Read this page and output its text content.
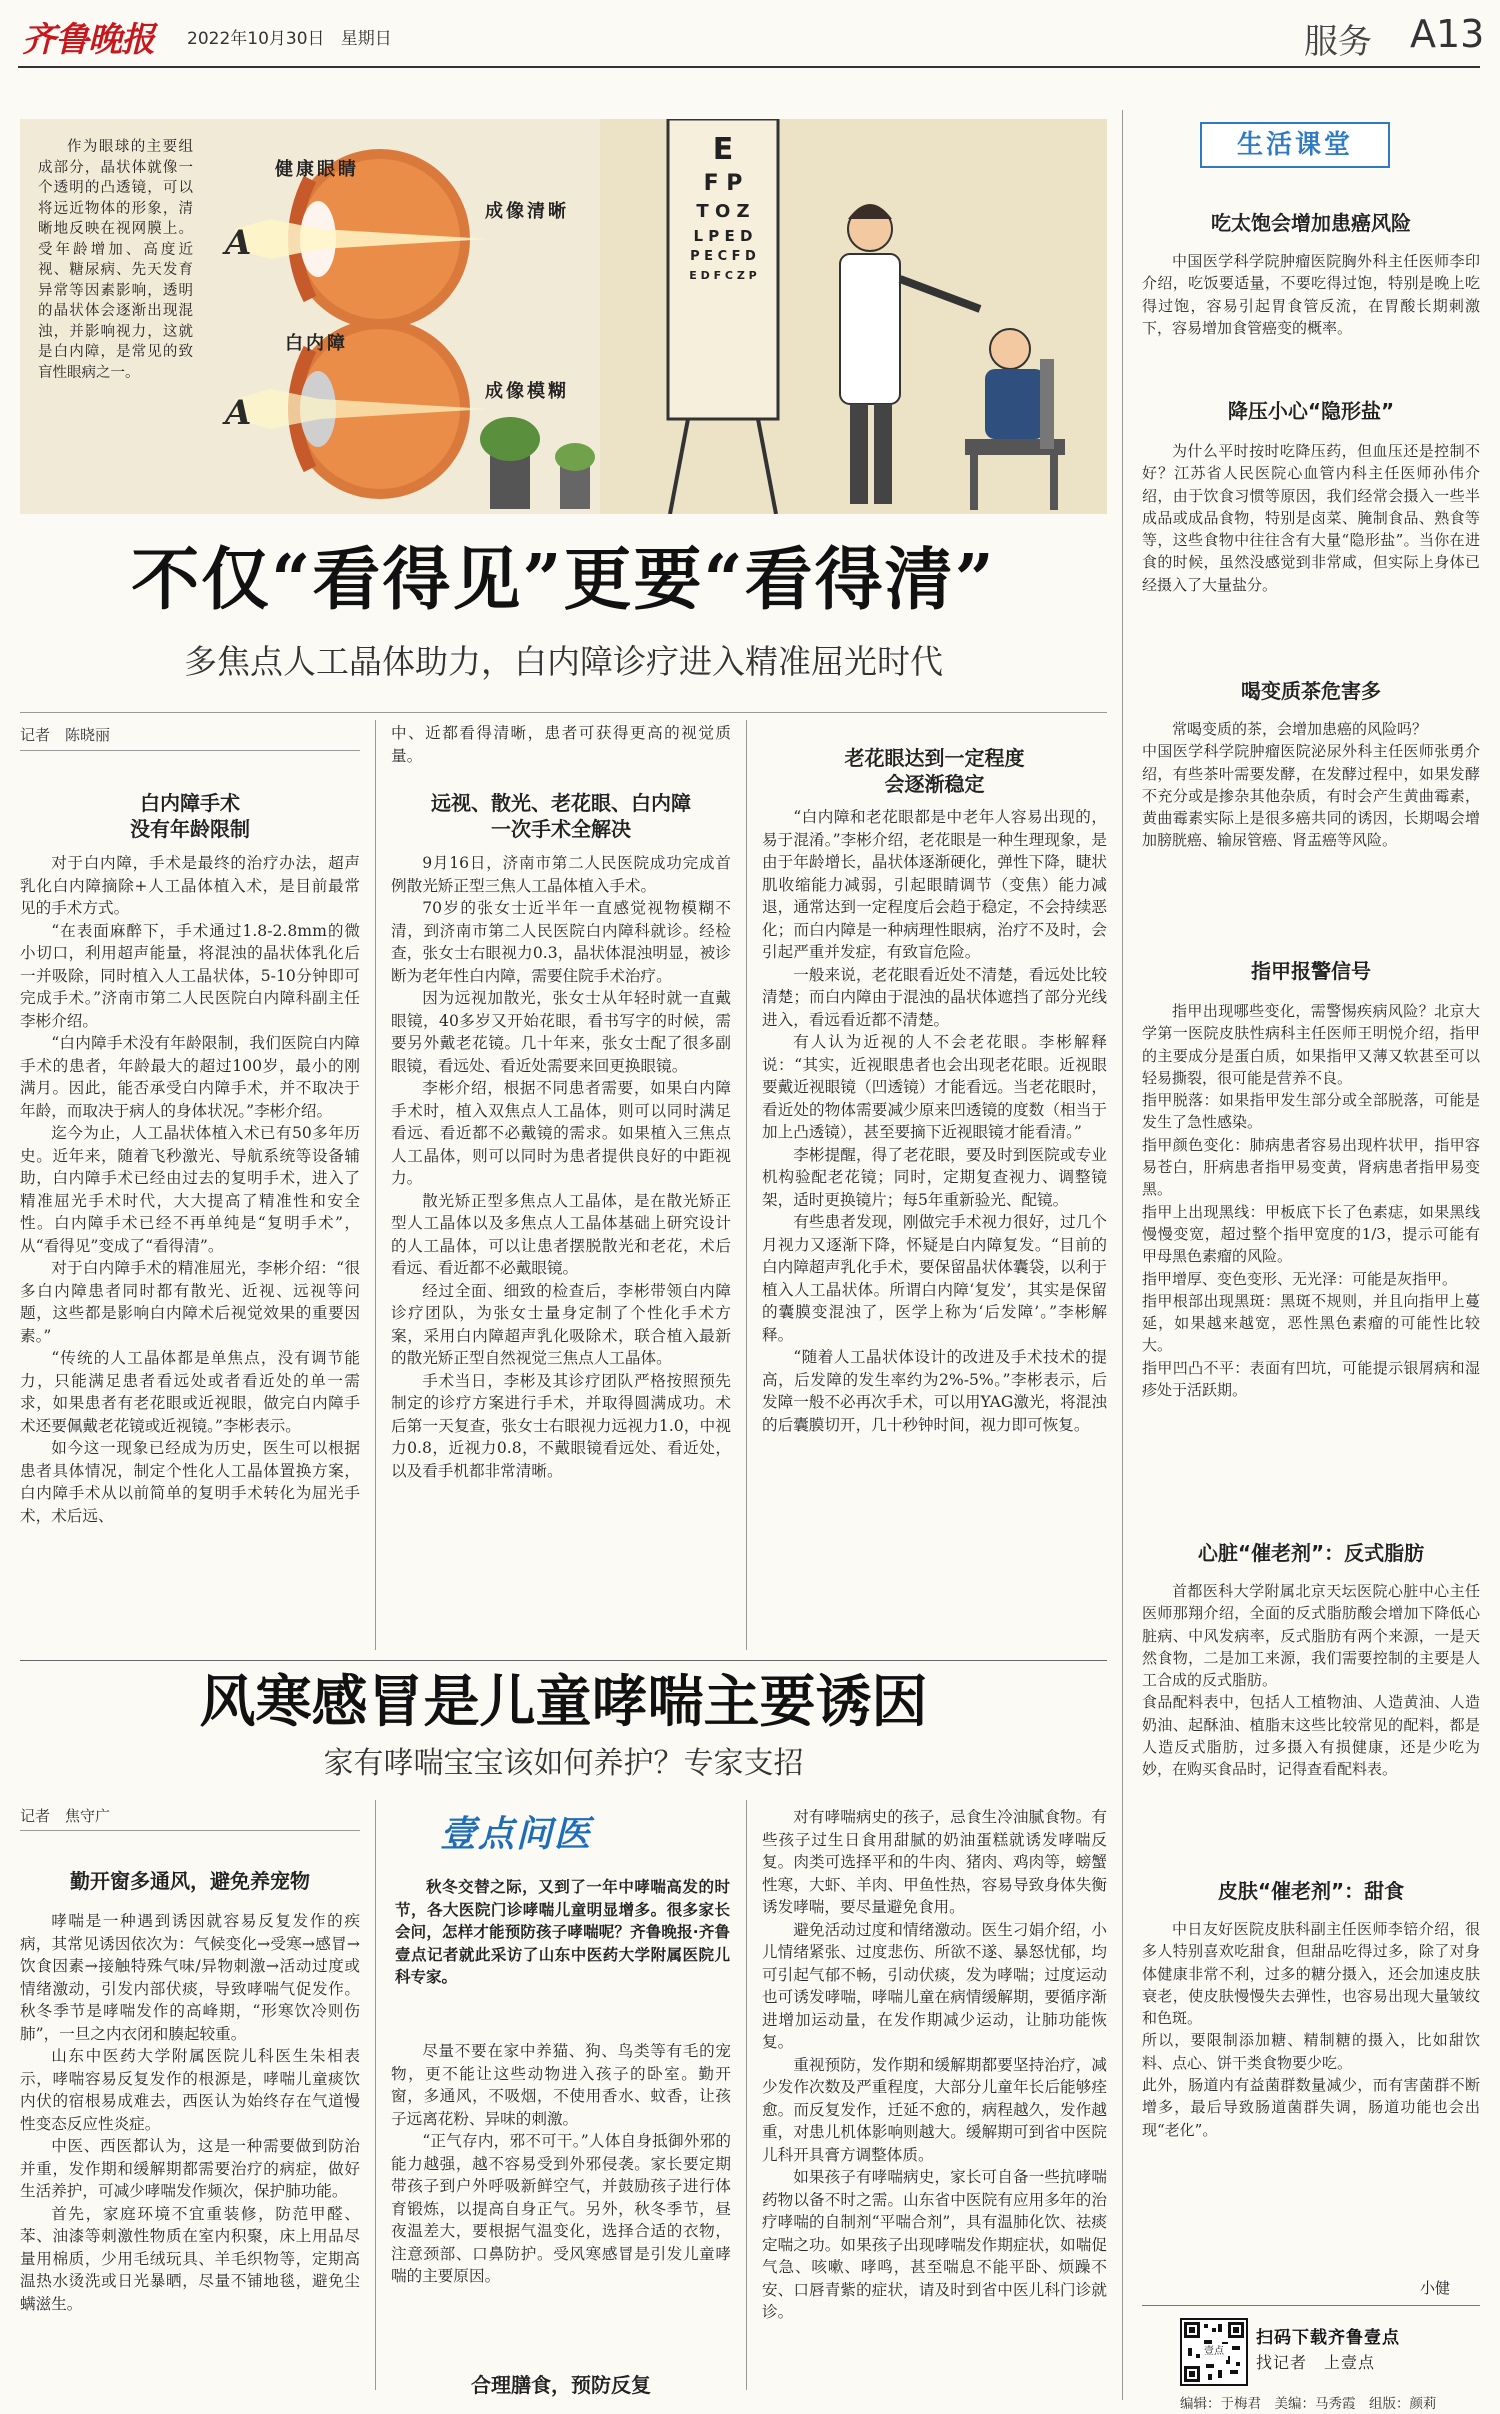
齐鲁晚报 2022年10月30日 星期日	服务 A13
A
A
作为眼球的主要组成部分，晶状体就像一个透明的凸透镜，可以将远近物体的形象，清晰地反映在视网膜上。受年龄增加、高度近视、糖尿病、先天发育异常等因素影响，透明的晶状体会逐渐出现混浊，并影响视力，这就是白内障，是常见的致盲性眼病之一。
健康眼睛
成像清晰
白内障
成像模糊
E
F P
T O Z
L P E D
P E C F D
E D F C Z P
不仅“看得见”更要“看得清”
多焦点人工晶体助力，白内障诊疗进入精准屈光时代
记者　陈晓丽
白内障手术
没有年龄限制

对于白内障，手术是最终的治疗办法，超声乳化白内障摘除+人工晶体植入术，是目前最常见的手术方式。

“在表面麻醉下，手术通过1.8-2.8mm的微小切口，利用超声能量，将混浊的晶状体乳化后一并吸除，同时植入人工晶状体，5-10分钟即可完成手术。”济南市第二人民医院白内障科副主任李彬介绍。

“白内障手术没有年龄限制，我们医院白内障手术的患者，年龄最大的超过100岁，最小的刚满月。因此，能否承受白内障手术，并不取决于年龄，而取决于病人的身体状况。”李彬介绍。

迄今为止，人工晶状体植入术已有50多年历史。近年来，随着飞秒激光、导航系统等设备辅助，白内障手术已经由过去的复明手术，进入了精准屈光手术时代，大大提高了精准性和安全性。白内障手术已经不再单纯是“复明手术”，从“看得见”变成了“看得清”。

对于白内障手术的精准屈光，李彬介绍：“很多白内障患者同时都有散光、近视、远视等问题，这些都是影响白内障术后视觉效果的重要因素。”

“传统的人工晶体都是单焦点，没有调节能力，只能满足患者看远处或者看近处的单一需求，如果患者有老花眼或近视眼，做完白内障手术还要佩戴老花镜或近视镜。”李彬表示。

如今这一现象已经成为历史，医生可以根据患者具体情况，制定个性化人工晶体置换方案，白内障手术从以前简单的复明手术转化为屈光手术，术后远、

中、近都看得清晰，患者可获得更高的视觉质量。
远视、散光、老花眼、白内障
一次手术全解决

9月16日，济南市第二人民医院成功完成首例散光矫正型三焦人工晶体植入手术。

70岁的张女士近半年一直感觉视物模糊不清，到济南市第二人民医院白内障科就诊。经检查，张女士右眼视力0.3，晶状体混浊明显，被诊断为老年性白内障，需要住院手术治疗。

因为远视加散光，张女士从年轻时就一直戴眼镜，40多岁又开始花眼，看书写字的时候，需要另外戴老花镜。几十年来，张女士配了很多副眼镜，看远处、看近处需要来回更换眼镜。

李彬介绍，根据不同患者需要，如果白内障手术时，植入双焦点人工晶体，则可以同时满足看远、看近都不必戴镜的需求。如果植入三焦点人工晶体，则可以同时为患者提供良好的中距视力。

散光矫正型多焦点人工晶体，是在散光矫正型人工晶体以及多焦点人工晶体基础上研究设计的人工晶体，可以让患者摆脱散光和老花，术后看远、看近都不必戴眼镜。

经过全面、细致的检查后，李彬带领白内障诊疗团队，为张女士量身定制了个性化手术方案，采用白内障超声乳化吸除术，联合植入最新的散光矫正型自然视觉三焦点人工晶体。

手术当日，李彬及其诊疗团队严格按照预先制定的诊疗方案进行手术，并取得圆满成功。术后第一天复查，张女士右眼视力远视力1.0，中视力0.8，近视力0.8，不戴眼镜看远处、看近处，以及看手机都非常清晰。

老花眼达到一定程度
会逐渐稳定

“白内障和老花眼都是中老年人容易出现的，易于混淆。”李彬介绍，老花眼是一种生理现象，是由于年龄增长，晶状体逐渐硬化，弹性下降，睫状肌收缩能力减弱，引起眼睛调节（变焦）能力减退，通常达到一定程度后会趋于稳定，不会持续恶化；而白内障是一种病理性眼病，治疗不及时，会引起严重并发症，有致盲危险。

一般来说，老花眼看近处不清楚，看远处比较清楚；而白内障由于混浊的晶状体遮挡了部分光线进入，看远看近都不清楚。

有人认为近视的人不会老花眼。李彬解释说：“其实，近视眼患者也会出现老花眼。近视眼要戴近视眼镜（凹透镜）才能看远。当老花眼时，看近处的物体需要减少原来凹透镜的度数（相当于加上凸透镜），甚至要摘下近视眼镜才能看清。”

李彬提醒，得了老花眼，要及时到医院或专业机构验配老花镜；同时，定期复查视力、调整镜架，适时更换镜片；每5年重新验光、配镜。

有些患者发现，刚做完手术视力很好，过几个月视力又逐渐下降，怀疑是白内障复发。“目前的白内障超声乳化手术，要保留晶状体囊袋，以利于植入人工晶状体。所谓白内障‘复发’，其实是保留的囊膜变混浊了，医学上称为‘后发障’。”李彬解释。

“随着人工晶状体设计的改进及手术技术的提高，后发障的发生率约为2%-5%。”李彬表示，后发障一般不必再次手术，可以用YAG激光，将混浊的后囊膜切开，几十秒钟时间，视力即可恢复。

风寒感冒是儿童哮喘主要诱因
家有哮喘宝宝该如何养护？专家支招
记者　焦守广
勤开窗多通风，避免养宠物

哮喘是一种遇到诱因就容易反复发作的疾病，其常见诱因依次为：气候变化→受寒→感冒→饮食因素→接触特殊气味/异物刺激→活动过度或情绪激动，引发内部伏痰，导致哮喘气促发作。秋冬季节是哮喘发作的高峰期，“形寒饮冷则伤肺”，一旦之内衣闭和腠起较重。

山东中医药大学附属医院儿科医生朱相表示，哮喘容易反复发作的根源是，哮喘儿童痰饮内伏的宿根易成难去，西医认为始终存在气道慢性变态反应性炎症。

中医、西医都认为，这是一种需要做到防治并重，发作期和缓解期都需要治疗的病症，做好生活养护，可减少哮喘发作频次，保护肺功能。

首先，家庭环境不宜重装修，防范甲醛、苯、油漆等刺激性物质在室内积聚，床上用品尽量用棉质，少用毛绒玩具、羊毛织物等，定期高温热水烫洗或日光暴晒，尽量不铺地毯，避免尘螨滋生。

壹点问医
秋冬交替之际，又到了一年中哮喘高发的时节，各大医院门诊哮喘儿童明显增多。很多家长会问，怎样才能预防孩子哮喘呢？齐鲁晚报·齐鲁壹点记者就此采访了山东中医药大学附属医院儿科专家。

尽量不要在家中养猫、狗、鸟类等有毛的宠物，更不能让这些动物进入孩子的卧室。勤开窗，多通风，不吸烟，不使用香水、蚊香，让孩子远离花粉、异味的刺激。

“正气存内，邪不可干。”人体自身抵御外邪的能力越强，越不容易受到外邪侵袭。家长要定期带孩子到户外呼吸新鲜空气，并鼓励孩子进行体育锻炼，以提高自身正气。另外，秋冬季节，昼夜温差大，要根据气温变化，选择合适的衣物，注意颈部、口鼻防护。受风寒感冒是引发儿童哮喘的主要原因。

合理膳食，预防反复

对有哮喘病史的孩子，忌食生冷油腻食物。有些孩子过生日食用甜腻的奶油蛋糕就诱发哮喘反复。肉类可选择平和的牛肉、猪肉、鸡肉等，螃蟹性寒，大虾、羊肉、甲鱼性热，容易导致身体失衡诱发哮喘，要尽量避免食用。

避免活动过度和情绪激动。医生刁娟介绍，小儿情绪紧张、过度悲伤、所欲不遂、暴怒忧郁，均可引起气郁不畅，引动伏痰，发为哮喘；过度运动也可诱发哮喘，哮喘儿童在病情缓解期，要循序渐进增加运动量，在发作期减少运动，让肺功能恢复。

重视预防，发作期和缓解期都要坚持治疗，减少发作次数及严重程度，大部分儿童年长后能够痊愈。而反复发作，迁延不愈的，病程越久，发作越重，对患儿机体影响则越大。缓解期可到省中医院儿科开具膏方调整体质。

如果孩子有哮喘病史，家长可自备一些抗哮喘药物以备不时之需。山东省中医院有应用多年的治疗哮喘的自制剂“平喘合剂”，具有温肺化饮、祛痰定喘之功。如果孩子出现哮喘发作期症状，如喘促气急、咳嗽、哮鸣，甚至喘息不能平卧、烦躁不安、口唇青紫的症状，请及时到省中医儿科门诊就诊。

生活课堂
吃太饱会增加患癌风险
中国医学科学院肿瘤医院胸外科主任医师李印介绍，吃饭要适量，不要吃得过饱，特别是晚上吃得过饱，容易引起胃食管反流，在胃酸长期刺激下，容易增加食管癌变的概率。
降压小心“隐形盐”
为什么平时按时吃降压药，但血压还是控制不好？江苏省人民医院心血管内科主任医师孙伟介绍，由于饮食习惯等原因，我们经常会摄入一些半成品或成品食物，特别是卤菜、腌制食品、熟食等等，这些食物中往往含有大量“隐形盐”。当你在进食的时候，虽然没感觉到非常咸，但实际上身体已经摄入了大量盐分。
喝变质茶危害多
常喝变质的茶，会增加患癌的风险吗？
中国医学科学院肿瘤医院泌尿外科主任医师张勇介绍，有些茶叶需要发酵，在发酵过程中，如果发酵不充分或是掺杂其他杂质，有时会产生黄曲霉素，黄曲霉素实际上是很多癌共同的诱因，长期喝会增加膀胱癌、输尿管癌、肾盂癌等风险。
指甲报警信号
指甲出现哪些变化，需警惕疾病风险？北京大学第一医院皮肤性病科主任医师王明悦介绍，指甲的主要成分是蛋白质，如果指甲又薄又软甚至可以轻易撕裂，很可能是营养不良。
指甲脱落：如果指甲发生部分或全部脱落，可能是发生了急性感染。
指甲颜色变化：肺病患者容易出现杵状甲，指甲容易苍白，肝病患者指甲易变黄，肾病患者指甲易变黑。
指甲上出现黑线：甲板底下长了色素痣，如果黑线慢慢变宽，超过整个指甲宽度的1/3，提示可能有甲母黑色素瘤的风险。
指甲增厚、变色变形、无光泽：可能是灰指甲。
指甲根部出现黑斑：黑斑不规则，并且向指甲上蔓延，如果越来越宽，恶性黑色素瘤的可能性比较大。
指甲凹凸不平：表面有凹坑，可能提示银屑病和湿疹处于活跃期。
心脏“催老剂”：反式脂肪
首都医科大学附属北京天坛医院心脏中心主任医师那翔介绍，全面的反式脂肪酸会增加下降低心脏病、中风发病率，反式脂肪有两个来源，一是天然食物，二是加工来源，我们需要控制的主要是人工合成的反式脂肪。
食品配料表中，包括人工植物油、人造黄油、人造奶油、起酥油、植脂末这些比较常见的配料，都是人造反式脂肪，过多摄入有损健康，还是少吃为妙，在购买食品时，记得查看配料表。
皮肤“催老剂”：甜食
中日友好医院皮肤科副主任医师李锫介绍，很多人特别喜欢吃甜食，但甜品吃得过多，除了对身体健康非常不利，过多的糖分摄入，还会加速皮肤衰老，使皮肤慢慢失去弹性，也容易出现大量皱纹和色斑。
所以，要限制添加糖、精制糖的摄入，比如甜饮料、点心、饼干类食物要少吃。
此外，肠道内有益菌群数量减少，而有害菌群不断增多，最后导致肠道菌群失调，肠道功能也会出现“老化”。
小健
壹点
扫码下载齐鲁壹点
找记者　上壹点
编辑：于梅君　美编：马秀霞　组版：颜莉
